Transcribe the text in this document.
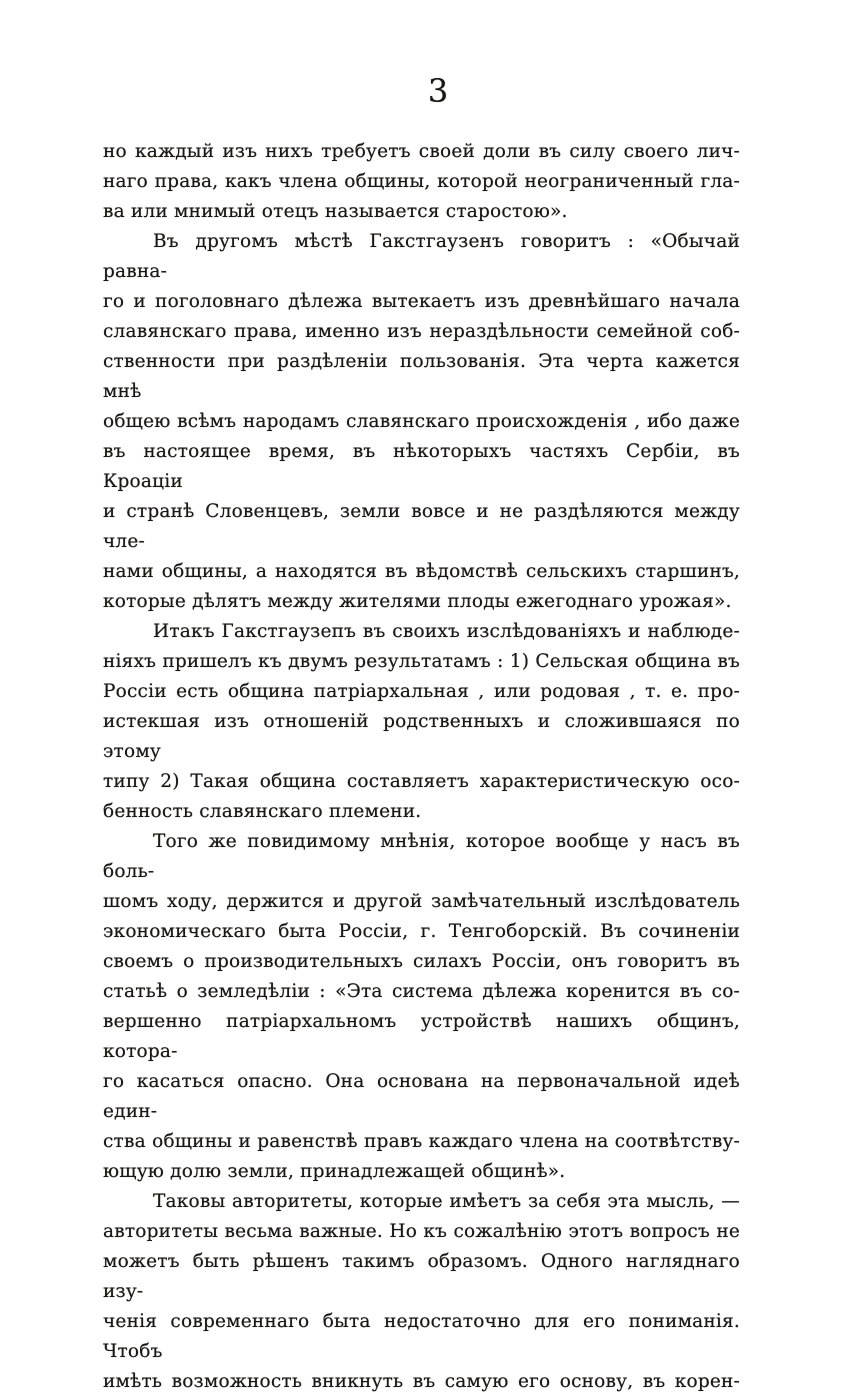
3

но каждый изъ нихъ требуетъ своей доли въ силу своего лич-
наго права, какъ члена общины, которой неограниченный гла-
ва или мнимый отецъ называется старостою».

Въ другомъ мѣстѣ Гакстгаузенъ говоритъ : «Обычай равна-
го и поголовнаго дѣлежа вытекаетъ изъ древнѣйшаго начала
славянскаго права, именно изъ нераздѣльности семейной соб-
ственности при раздѣленіи пользованія. Эта черта кажется мнѣ
общею всѣмъ народамъ славянскаго происхожденія , ибо даже
въ настоящее время, въ нѣкоторыхъ частяхъ Сербіи, въ Кроаціи
и странѣ Словенцевъ, земли вовсе и не раздѣляются между чле-
нами общины, а находятся въ вѣдомствѣ сельскихъ старшинъ,
которые дѣлятъ между жителями плоды ежегоднаго урожая».

Итакъ Гакстгаузепъ въ своихъ изслѣдованіяхъ и наблюде-
ніяхъ пришелъ къ двумъ результатамъ : 1) Сельская община въ
Россіи есть община патріархальная , или родовая , т. е. про-
истекшая изъ отношеній родственныхъ и сложившаяся по этому
типу 2) Такая община составляетъ характеристическую осо-
бенность славянскаго племени.

Того же повидимому мнѣнія, которое вообще у насъ въ боль-
шомъ ходу, держится и другой замѣчательный изслѣдователь
экономическаго быта Россіи, г. Тенгоборскій. Въ сочиненіи
своемъ о производительныхъ силахъ Россіи, онъ говоритъ въ
статьѣ о земледѣліи : «Эта система дѣлежа коренится въ со-
вершенно патріархальномъ устройствѣ нашихъ общинъ, котора-
го касаться опасно. Она основана на первоначальной идеѣ един-
ства общины и равенствѣ правъ каждаго члена на соотвѣтству-
ющую долю земли, принадлежащей общинѣ».

Таковы авторитеты, которые имѣетъ за себя эта мысль, —
авторитеты весьма важные. Но къ сожалѣнію этотъ вопросъ не
можетъ быть рѣшенъ такимъ образомъ. Одного нагляднаго изу-
ченія современнаго быта недостаточно для его пониманія. Чтобъ
имѣть возможность вникнуть въ самую его основу, въ корен-
